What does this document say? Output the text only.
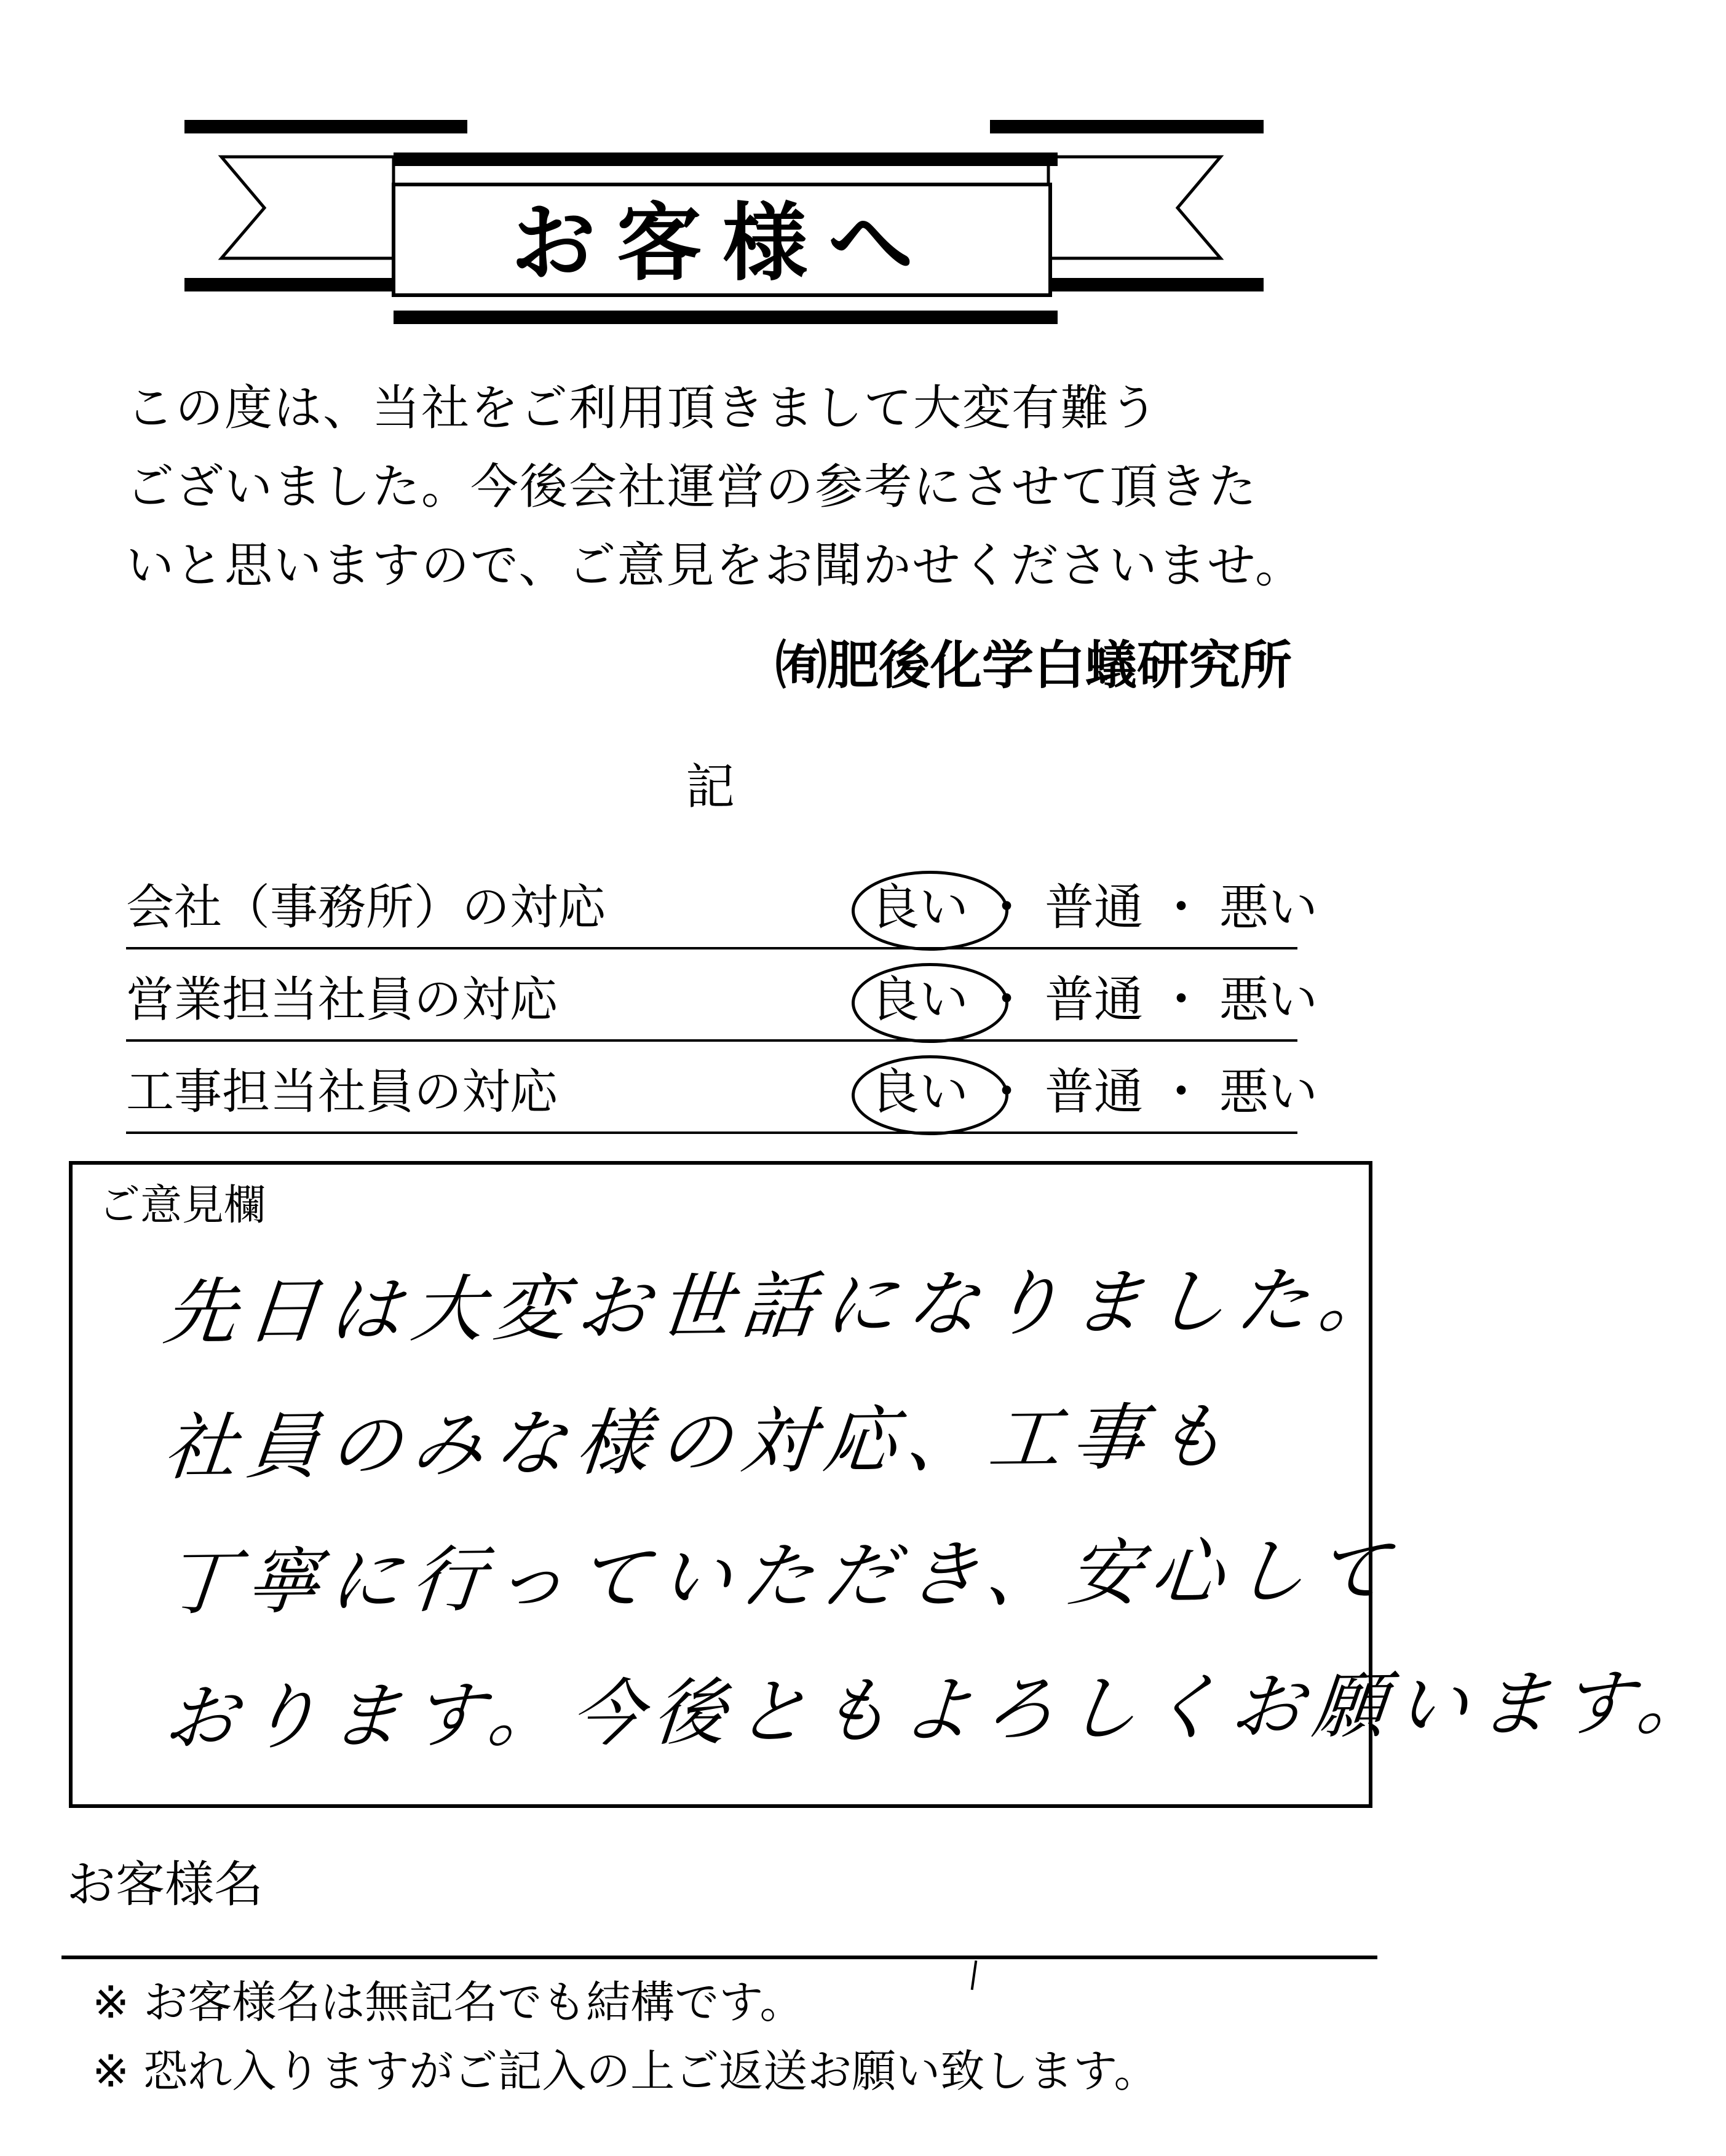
お客様へ
この度は、当社をご利用頂きまして大変有難う
ございました。今後会社運営の参考にさせて頂きた
いと思いますので、ご意見をお聞かせくださいませ。
㈲肥後化学白蟻研究所
記
会社（事務所）の対応	良い ・ 普通 ・ 悪い
営業担当社員の対応	良い ・ 普通 ・ 悪い
工事担当社員の対応	良い ・ 普通 ・ 悪い
ご意見欄
先日は大変お世話になりました。
社員のみな様の対応、工事も
丁寧に行っていただき、安心して
おります。今後ともよろしくお願います。
お客様名
※ お客様名は無記名でも結構です。
※ 恐れ入りますがご記入の上ご返送お願い致します。
